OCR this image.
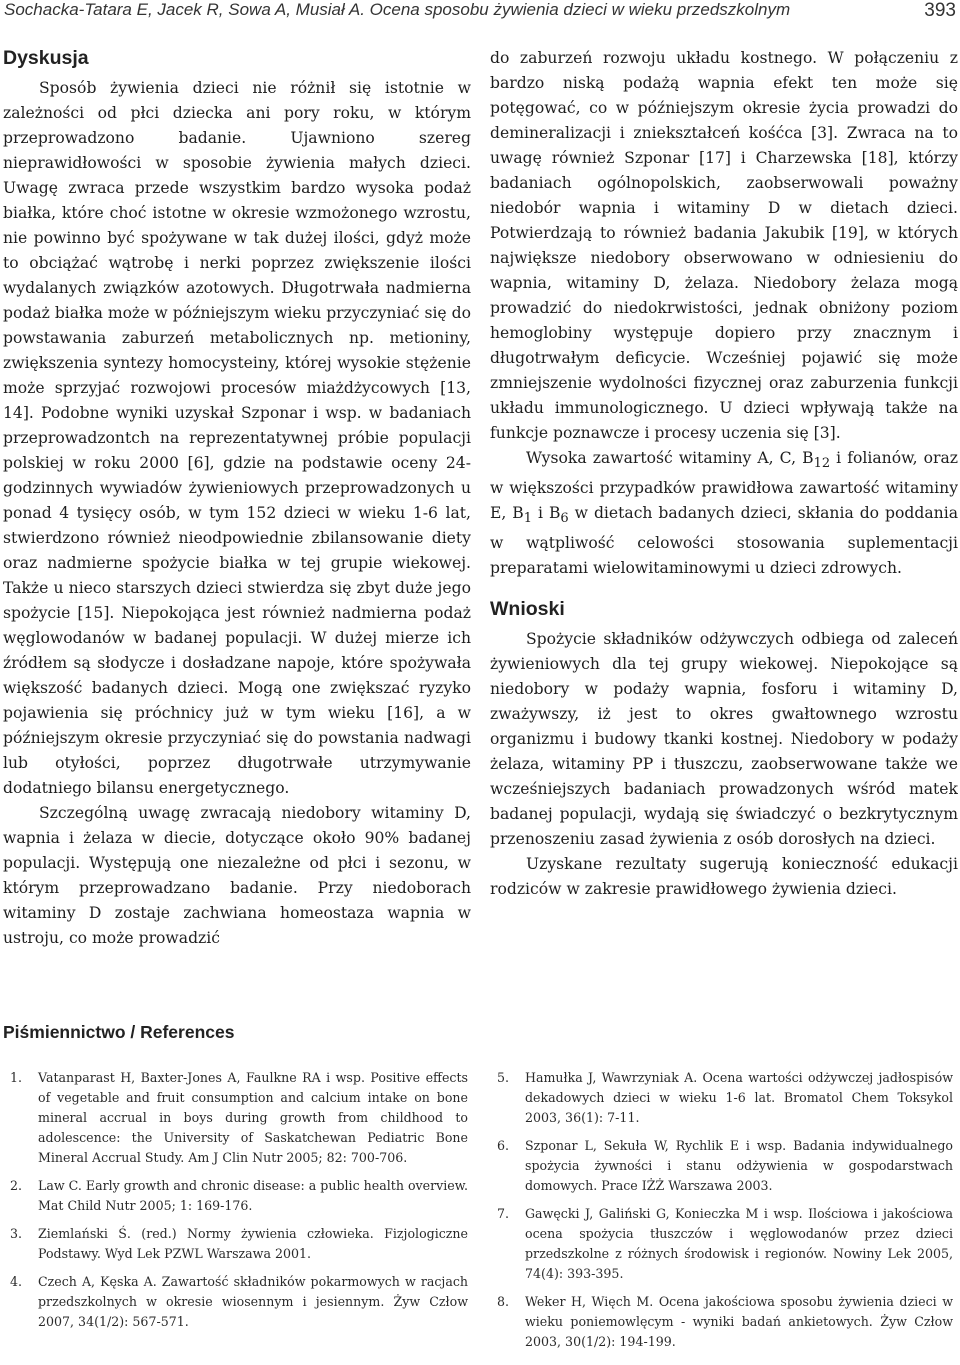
Sochacka-Tatara E, Jacek R, Sowa A, Musiał A. Ocena sposobu żywienia dzieci w wieku przedszkolnym	393
Dyskusja

Sposób żywienia dzieci nie różnił się istotnie w zależności od płci dziecka ani pory roku, w którym przeprowadzono badanie. Ujawniono szereg nieprawidłowości w sposobie żywienia małych dzieci. Uwagę zwraca przede wszystkim bardzo wysoka podaż białka, które choć istotne w okresie wzmożonego wzrostu, nie powinno być spożywane w tak dużej ilości, gdyż może to obciążać wątrobę i nerki poprzez zwiększenie ilości wydalanych związków azotowych. Długotrwała nadmierna podaż białka może w późniejszym wieku przyczyniać się do powstawania zaburzeń metabolicznych np. metioniny, zwiększenia syntezy homocysteiny, której wysokie stężenie może sprzyjać rozwojowi procesów miażdżycowych [13, 14]. Podobne wyniki uzyskał Szponar i wsp. w badaniach przeprowadzontch na reprezentatywnej próbie populacji polskiej w roku 2000 [6], gdzie na podstawie oceny 24-godzinnych wywiadów żywieniowych przeprowadzonych u ponad 4 tysięcy osób, w tym 152 dzieci w wieku 1-6 lat, stwierdzono również nieodpowiednie zbilansowanie diety oraz nadmierne spożycie białka w tej grupie wiekowej. Także u nieco starszych dzieci stwierdza się zbyt duże jego spożycie [15]. Niepokojąca jest również nadmierna podaż węglowodanów w badanej populacji. W dużej mierze ich źródłem są słodycze i dosładzane napoje, które spożywała większość badanych dzieci. Mogą one zwiększać ryzyko pojawienia się próchnicy już w tym wieku [16], a w późniejszym okresie przyczyniać się do powstania nadwagi lub otyłości, poprzez długotrwałe utrzymywanie dodatniego bilansu energetycznego.

Szczególną uwagę zwracają niedobory witaminy D, wapnia i żelaza w diecie, dotyczące około 90% badanej populacji. Występują one niezależne od płci i sezonu, w którym przeprowadzano badanie. Przy niedoborach witaminy D zostaje zachwiana homeostaza wapnia w ustroju, co może prowadzić

do zaburzeń rozwoju układu kostnego. W połączeniu z bardzo niską podażą wapnia efekt ten może się potęgować, co w późniejszym okresie życia prowadzi do demineralizacji i zniekształceń kośćca [3]. Zwraca na to uwagę również Szponar [17] i Charzewska [18], którzy badaniach ogólnopolskich, zaobserwowali poważny niedobór wapnia i witaminy D w dietach dzieci. Potwierdzają to również badania Jakubik [19], w których największe niedobory obserwowano w odniesieniu do wapnia, witaminy D, żelaza. Niedobory żelaza mogą prowadzić do niedokrwistości, jednak obniżony poziom hemoglobiny występuje dopiero przy znacznym i długotrwałym deficycie. Wcześniej pojawić się może zmniejszenie wydolności fizycznej oraz zaburzenia funkcji układu immunologicznego. U dzieci wpływają także na funkcje poznawcze i procesy uczenia się [3].

Wysoka zawartość witaminy A, C, $B_{12}$ i folianów, oraz w większości przypadków prawidłowa zawartość witaminy E, $B_1$ i $B_6$ w dietach badanych dzieci, skłania do poddania w wątpliwość celowości stosowania suplementacji preparatami wielowitaminowymi u dzieci zdrowych.

Wnioski

Spożycie składników odżywczych odbiega od zaleceń żywieniowych dla tej grupy wiekowej. Niepokojące są niedobory w podaży wapnia, fosforu i witaminy D, zważywszy, iż jest to okres gwałtownego wzrostu organizmu i budowy tkanki kostnej. Niedobory w podaży żelaza, witaminy PP i tłuszczu, zaobserwowane także we wcześniejszych badaniach prowadzonych wśród matek badanej populacji, wydają się świadczyć o bezkrytycznym przenoszeniu zasad żywienia z osób dorosłych na dzieci.

Uzyskane rezultaty sugerują konieczność edukacji rodziców w zakresie prawidłowego żywienia dzieci.

Piśmiennictwo / References
1.	Vatanparast H, Baxter-Jones A, Faulkne RA i wsp. Positive effects of vegetable and fruit consumption and calcium intake on bone mineral accrual in boys during growth from childhood to adolescence: the University of Saskatchewan Pediatric Bone Mineral Accrual Study. Am J Clin Nutr 2005; 82: 700-706.
2.	Law C. Early growth and chronic disease: a public health overview. Mat Child Nutr 2005; 1: 169-176.
3.	Ziemlański Ś. (red.) Normy żywienia człowieka. Fizjologiczne Podstawy. Wyd Lek PZWL Warszawa 2001.
4.	Czech A, Kęska A. Zawartość składników pokarmowych w racjach przedszkolnych w okresie wiosennym i jesiennym. Żyw Człow 2007, 34(1/2): 567-571.
5.	Hamułka J, Wawrzyniak A. Ocena wartości odżywczej jadłospisów dekadowych dzieci w wieku 1-6 lat. Bromatol Chem Toksykol 2003, 36(1): 7-11.
6.	Szponar L, Sekuła W, Rychlik E i wsp. Badania indywidualnego spożycia żywności i stanu odżywienia w gospodarstwach domowych. Prace IŻŻ Warszawa 2003.
7.	Gawęcki J, Galiński G, Konieczka M i wsp. Ilościowa i jakościowa ocena spożycia tłuszczów i węglowodanów przez dzieci przedszkolne z różnych środowisk i regionów. Nowiny Lek 2005, 74(4): 393-395.
8.	Weker H, Więch M. Ocena jakościowa sposobu żywienia dzieci w wieku poniemowlęcym - wyniki badań ankietowych. Żyw Człow 2003, 30(1/2): 194-199.
